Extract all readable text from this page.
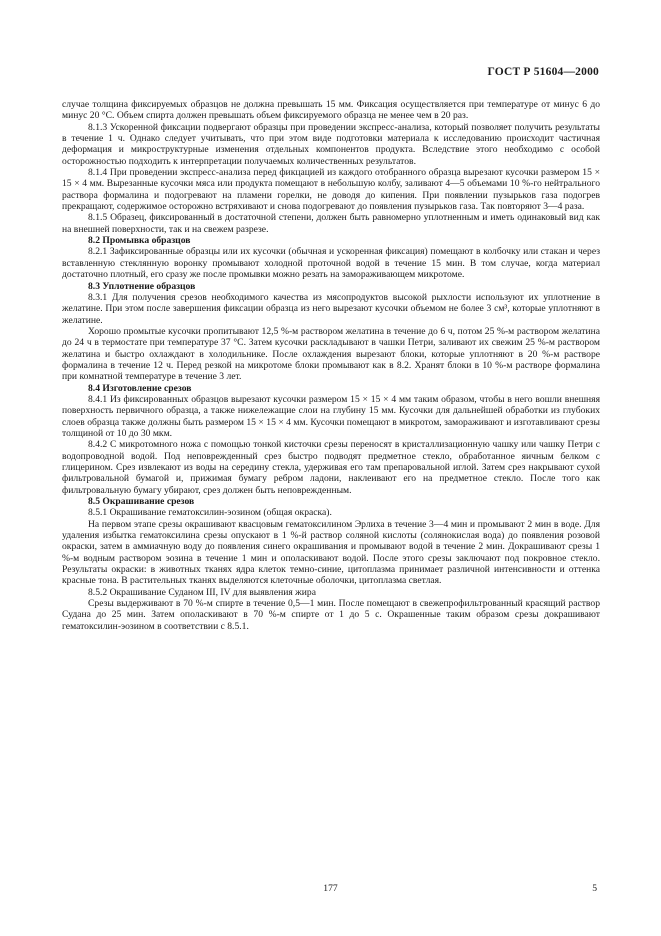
ГОСТ Р 51604—2000

случае толщина фиксируемых образцов не должна превышать 15 мм. Фиксация осуществляется при температуре от минус 6 до минус 20 °С. Объем спирта должен превышать объем фиксируемого образца не менее чем в 20 раз.

8.1.3 Ускоренной фиксации подвергают образцы при проведении экспресс-анализа, который позволяет получить результаты в течение 1 ч. Однако следует учитывать, что при этом виде подготовки материала к исследованию происходит частичная деформация и микроструктурные изменения отдельных компонентов продукта. Вследствие этого необходимо с особой осторожностью подходить к интерпретации получаемых количественных результатов.

8.1.4 При проведении экспресс-анализа перед фикцацией из каждого отобранного образца вырезают кусочки размером 15 × 15 × 4 мм. Вырезанные кусочки мяса или продукта помещают в небольшую колбу, заливают 4—5 объемами 10 %-го нейтрального раствора формалина и подогревают на пламени горелки, не доводя до кипения. При появлении пузырьков газа подогрев прекращают, содержимое осторожно встряхивают и снова подогревают до появления пузырьков газа. Так повторяют 3—4 раза.

8.1.5 Образец, фиксированный в достаточной степени, должен быть равномерно уплотненным и иметь одинаковый вид как на внешней поверхности, так и на свежем разрезе.

8.2 Промывка образцов

8.2.1 Зафиксированные образцы или их кусочки (обычная и ускоренная фиксация) помещают в колбочку или стакан и через вставленную стеклянную воронку промывают холодной проточной водой в течение 15 мин. В том случае, когда материал достаточно плотный, его сразу же после промывки можно резать на замораживающем микротоме.

8.3 Уплотнение образцов

8.3.1 Для получения срезов необходимого качества из мясопродуктов высокой рыхлости используют их уплотнение в желатине. При этом после завершения фиксации образца из него вырезают кусочки объемом не более 3 см³, которые уплотняют в желатине.

Хорошо промытые кусочки пропитывают 12,5 %-м раствором желатина в течение до 6 ч, потом 25 %-м раствором желатина до 24 ч в термостате при температуре 37 °С. Затем кусочки раскладывают в чашки Петри, заливают их свежим 25 %-м раствором желатина и быстро охлаждают в холодильнике. После охлаждения вырезают блоки, которые уплотняют в 20 %-м растворе формалина в течение 12 ч. Перед резкой на микротоме блоки промывают как в 8.2. Хранят блоки в 10 %-м растворе формалина при комнатной температуре в течение 3 лет.

8.4 Изготовление срезов

8.4.1 Из фиксированных образцов вырезают кусочки размером 15 × 15 × 4 мм таким образом, чтобы в него вошли внешняя поверхность первичного образца, а также нижележащие слои на глубину 15 мм. Кусочки для дальнейшей обработки из глубоких слоев образца также должны быть размером 15 × 15 × 4 мм. Кусочки помещают в микротом, замораживают и изготавливают срезы толщиной от 10 до 30 мкм.

8.4.2 С микротомного ножа с помощью тонкой кисточки срезы переносят в кристаллизационную чашку или чашку Петри с водопроводной водой. Под неповрежденный срез быстро подводят предметное стекло, обработанное яичным белком с глицерином. Срез извлекают из воды на середину стекла, удерживая его там препаровальной иглой. Затем срез накрывают сухой фильтровальной бумагой и, прижимая бумагу ребром ладони, наклеивают его на предметное стекло. После того как фильтровальную бумагу убирают, срез должен быть неповрежденным.

8.5 Окрашивание срезов

8.5.1 Окрашивание гематоксилин-эозином (общая окраска).

На первом этапе срезы окрашивают квасцовым гематоксилином Эрлиха в течение 3—4 мин и промывают 2 мин в воде. Для удаления избытка гематоксилина срезы опускают в 1 %-й раствор соляной кислоты (солянокислая вода) до появления розовой окраски, затем в аммиачную воду до появления синего окрашивания и промывают водой в течение 2 мин. Докрашивают срезы 1 %-м водным раствором эозина в течение 1 мин и ополаскивают водой. После этого срезы заключают под покровное стекло. Результаты окраски: в животных тканях ядра клеток темно-синие, цитоплазма принимает различной интенсивности и оттенка красные тона. В растительных тканях выделяются клеточные оболочки, цитоплазма светлая.

8.5.2 Окрашивание Суданом III, IV для выявления жира

Срезы выдерживают в 70 %-м спирте в течение 0,5—1 мин. После помещают в свежепрофильтрованный красящий раствор Судана до 25 мин. Затем ополаскивают в 70 %-м спирте от 1 до 5 с. Окрашенные таким образом срезы докрашивают гематоксилин-эозином в соответствии с 8.5.1.

177	5
